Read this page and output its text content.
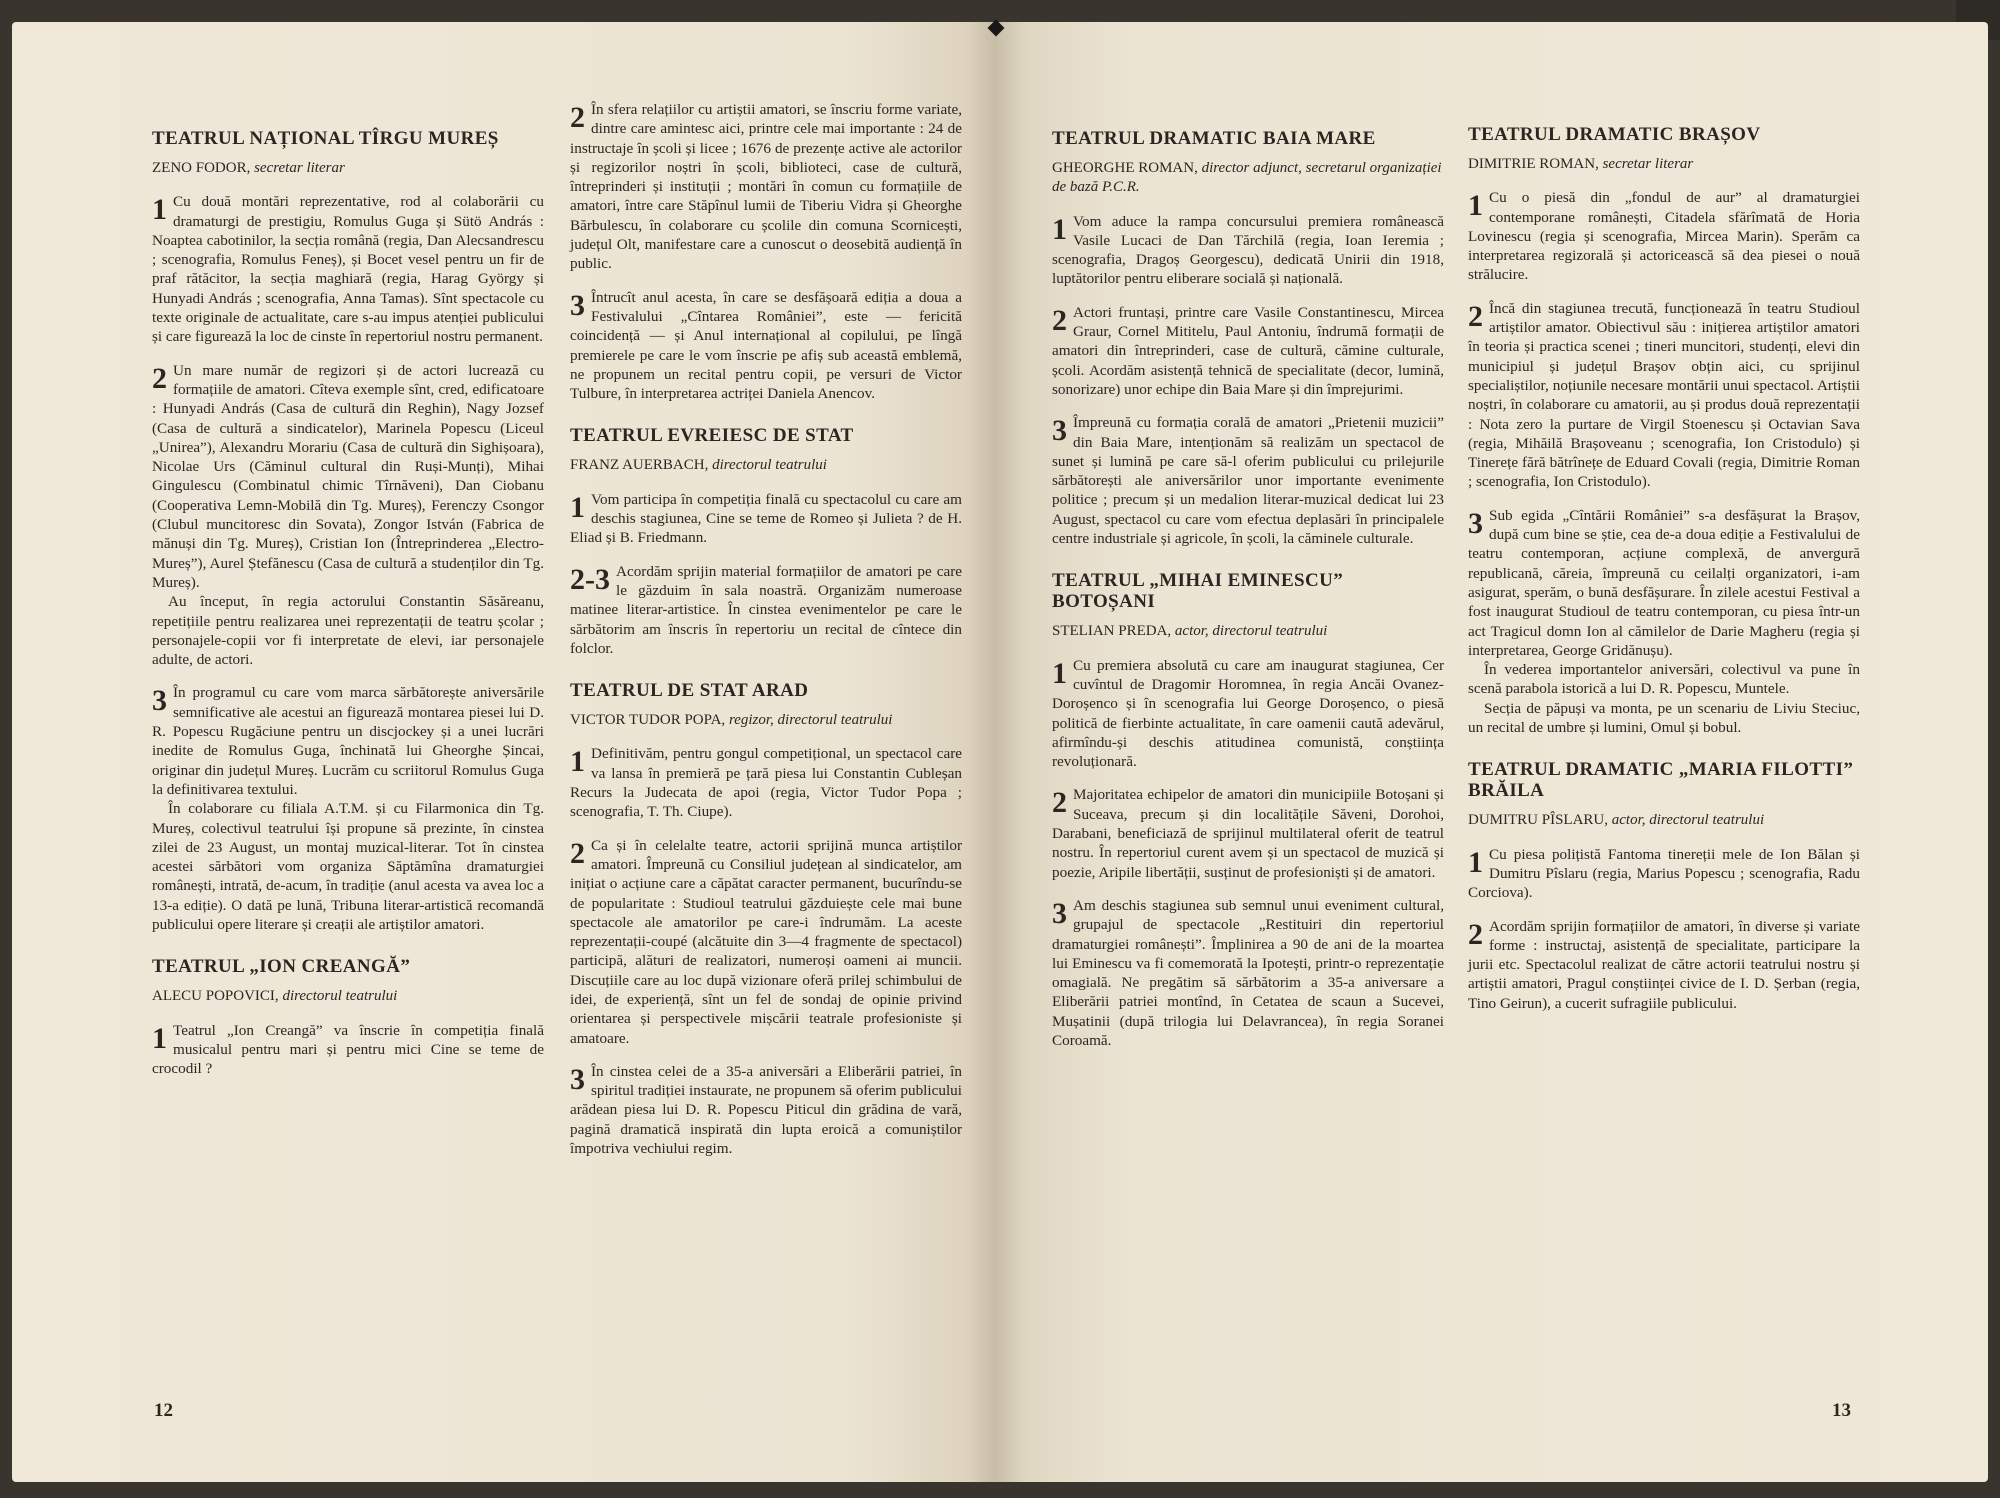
TEATRUL NAȚIONAL TÎRGU MUREȘ
ZENO FODOR, secretar literar
1 Cu două montări reprezentative, rod al colaborării cu dramaturgi de prestigiu, Romulus Guga și Sütö András : Noaptea cabotinilor, la secția română (regia, Dan Alecsandrescu ; scenografia, Romulus Feneș), și Bocet vesel pentru un fir de praf rătăcitor, la secția maghiară (regia, Harag György și Hunyadi András ; scenografia, Anna Tamas). Sînt spectacole cu texte originale de actualitate, care s-au impus atenției publicului și care figurează la loc de cinste în repertoriul nostru permanent.

2 Un mare număr de regizori și de actori lucrează cu formațiile de amatori. Cîteva exemple sînt, cred, edificatoare : Hunyadi András (Casa de cultură din Reghin), Nagy Jozsef (Casa de cultură a sindicatelor), Marinela Popescu (Liceul „Unirea”), Alexandru Morariu (Casa de cultură din Sighișoara), Nicolae Urs (Căminul cultural din Ruși-Munți), Mihai Gingulescu (Combinatul chimic Tîrnăveni), Dan Ciobanu (Cooperativa Lemn-Mobilă din Tg. Mureș), Ferenczy Csongor (Clubul muncitoresc din Sovata), Zongor István (Fabrica de mănuși din Tg. Mureș), Cristian Ion (Întreprinderea „Electro-Mureș”), Aurel Ștefănescu (Casa de cultură a studenților din Tg. Mureș).

Au început, în regia actorului Constantin Săsăreanu, repetițiile pentru realizarea unei reprezentații de teatru școlar ; personajele-copii vor fi interpretate de elevi, iar personajele adulte, de actori.

3 În programul cu care vom marca sărbătorește aniversările semnificative ale acestui an figurează montarea piesei lui D. R. Popescu Rugăciune pentru un discjockey și a unei lucrări inedite de Romulus Guga, închinată lui Gheorghe Șincai, originar din județul Mureș. Lucrăm cu scriitorul Romulus Guga la definitivarea textului.

În colaborare cu filiala A.T.M. și cu Filarmonica din Tg. Mureș, colectivul teatrului își propune să prezinte, în cinstea zilei de 23 August, un montaj muzical-literar. Tot în cinstea acestei sărbători vom organiza Săptămîna dramaturgiei românești, intrată, de-acum, în tradiție (anul acesta va avea loc a 13-a ediție). O dată pe lună, Tribuna literar-artistică recomandă publicului opere literare și creații ale artiștilor amatori.

TEATRUL „ION CREANGĂ”
ALECU POPOVICI, directorul teatrului
1 Teatrul „Ion Creangă” va înscrie în competiția finală musicalul pentru mari și pentru mici Cine se teme de crocodil ?

2 În sfera relațiilor cu artiștii amatori, se înscriu forme variate, dintre care amintesc aici, printre cele mai importante : 24 de instructaje în școli și licee ; 1676 de prezențe active ale actorilor și regizorilor noștri în școli, biblioteci, case de cultură, întreprinderi și instituții ; montări în comun cu formațiile de amatori, între care Stăpînul lumii de Tiberiu Vidra și Gheorghe Bărbulescu, în colaborare cu școlile din comuna Scornicești, județul Olt, manifestare care a cunoscut o deosebită audiență în public.

3 Întrucît anul acesta, în care se desfășoară ediția a doua a Festivalului „Cîntarea României”, este — fericită coincidență — și Anul internațional al copilului, pe lîngă premierele pe care le vom înscrie pe afiș sub această emblemă, ne propunem un recital pentru copii, pe versuri de Victor Tulbure, în interpretarea actriței Daniela Anencov.

TEATRUL EVREIESC DE STAT
FRANZ AUERBACH, directorul teatrului
1 Vom participa în competiția finală cu spectacolul cu care am deschis stagiunea, Cine se teme de Romeo și Julieta ? de H. Eliad și B. Friedmann.

2-3 Acordăm sprijin material formațiilor de amatori pe care le găzduim în sala noastră. Organizăm numeroase matinee literar-artistice. În cinstea evenimentelor pe care le sărbătorim am înscris în repertoriu un recital de cîntece din folclor.

TEATRUL DE STAT ARAD
VICTOR TUDOR POPA, regizor, directorul teatrului
1 Definitivăm, pentru gongul competițional, un spectacol care va lansa în premieră pe țară piesa lui Constantin Cubleșan Recurs la Judecata de apoi (regia, Victor Tudor Popa ; scenografia, T. Th. Ciupe).

2 Ca și în celelalte teatre, actorii sprijină munca artiștilor amatori. Împreună cu Consiliul județean al sindicatelor, am inițiat o acțiune care a căpătat caracter permanent, bucurîndu-se de popularitate : Studioul teatrului găzduiește cele mai bune spectacole ale amatorilor pe care-i îndrumăm. La aceste reprezentații-coupé (alcătuite din 3—4 fragmente de spectacol) participă, alături de realizatori, numeroși oameni ai muncii. Discuțiile care au loc după vizionare oferă prilej schimbului de idei, de experiență, sînt un fel de sondaj de opinie privind orientarea și perspectivele mișcării teatrale profesioniste și amatoare.

3 În cinstea celei de a 35-a aniversări a Eliberării patriei, în spiritul tradiției instaurate, ne propunem să oferim publicului arădean piesa lui D. R. Popescu Piticul din grădina de vară, pagină dramatică inspirată din lupta eroică a comuniștilor împotriva vechiului regim.

12
TEATRUL DRAMATIC BAIA MARE
GHEORGHE ROMAN, director adjunct, secretarul organizației de bază P.C.R.
1 Vom aduce la rampa concursului premiera românească Vasile Lucaci de Dan Tărchilă (regia, Ioan Ieremia ; scenografia, Dragoș Georgescu), dedicată Unirii din 1918, luptătorilor pentru eliberare socială și națională.

2 Actori fruntași, printre care Vasile Constantinescu, Mircea Graur, Cornel Mititelu, Paul Antoniu, îndrumă formații de amatori din întreprinderi, case de cultură, cămine culturale, școli. Acordăm asistență tehnică de specialitate (decor, lumină, sonorizare) unor echipe din Baia Mare și din împrejurimi.

3 Împreună cu formația corală de amatori „Prietenii muzicii” din Baia Mare, intenționăm să realizăm un spectacol de sunet și lumină pe care să-l oferim publicului cu prilejurile sărbătorești ale aniversărilor unor importante evenimente politice ; precum și un medalion literar-muzical dedicat lui 23 August, spectacol cu care vom efectua deplasări în principalele centre industriale și agricole, în școli, la căminele culturale.

TEATRUL „MIHAI EMINESCU” BOTOȘANI
STELIAN PREDA, actor, directorul teatrului
1 Cu premiera absolută cu care am inaugurat stagiunea, Cer cuvîntul de Dragomir Horomnea, în regia Ancăi Ovanez-Doroșenco și în scenografia lui George Doroșenco, o piesă politică de fierbinte actualitate, în care oamenii caută adevărul, afirmîndu-și deschis atitudinea comunistă, conștiința revoluționară.

2 Majoritatea echipelor de amatori din municipiile Botoșani și Suceava, precum și din localitățile Săveni, Dorohoi, Darabani, beneficiază de sprijinul multilateral oferit de teatrul nostru. În repertoriul curent avem și un spectacol de muzică și poezie, Aripile libertății, susținut de profesioniști și de amatori.

3 Am deschis stagiunea sub semnul unui eveniment cultural, grupajul de spectacole „Restituiri din repertoriul dramaturgiei românești”. Împlinirea a 90 de ani de la moartea lui Eminescu va fi comemorată la Ipotești, printr-o reprezentație omagială. Ne pregătim să sărbătorim a 35-a aniversare a Eliberării patriei montînd, în Cetatea de scaun a Sucevei, Mușatinii (după trilogia lui Delavrancea), în regia Soranei Coroamă.

TEATRUL DRAMATIC BRAȘOV
DIMITRIE ROMAN, secretar literar
1 Cu o piesă din „fondul de aur” al dramaturgiei contemporane românești, Citadela sfărîmată de Horia Lovinescu (regia și scenografia, Mircea Marin). Sperăm ca interpretarea regizorală și actoricească să dea piesei o nouă strălucire.

2 Încă din stagiunea trecută, funcționează în teatru Studioul artiștilor amator. Obiectivul său : inițierea artiștilor amatori în teoria și practica scenei ; tineri muncitori, studenți, elevi din municipiul și județul Brașov obțin aici, cu sprijinul specialiștilor, noțiunile necesare montării unui spectacol. Artiștii noștri, în colaborare cu amatorii, au și produs două reprezentații : Nota zero la purtare de Virgil Stoenescu și Octavian Sava (regia, Mihăilă Brașoveanu ; scenografia, Ion Cristodulo) și Tinerețe fără bătrînețe de Eduard Covali (regia, Dimitrie Roman ; scenografia, Ion Cristodulo).

3 Sub egida „Cîntării României” s-a desfășurat la Brașov, după cum bine se știe, cea de-a doua ediție a Festivalului de teatru contemporan, acțiune complexă, de anvergură republicană, căreia, împreună cu ceilalți organizatori, i-am asigurat, sperăm, o bună desfășurare. În zilele acestui Festival a fost inaugurat Studioul de teatru contemporan, cu piesa într-un act Tragicul domn Ion al cămilelor de Darie Magheru (regia și interpretarea, George Gridănușu).

În vederea importantelor aniversări, colectivul va pune în scenă parabola istorică a lui D. R. Popescu, Muntele.

Secția de păpuși va monta, pe un scenariu de Liviu Steciuc, un recital de umbre și lumini, Omul și bobul.

TEATRUL DRAMATIC „MARIA FILOTTI” BRĂILA
DUMITRU PÎSLARU, actor, directorul teatrului
1 Cu piesa polițistă Fantoma tinereții mele de Ion Bălan și Dumitru Pîslaru (regia, Marius Popescu ; scenografia, Radu Corciova).

2 Acordăm sprijin formațiilor de amatori, în diverse și variate forme : instructaj, asistență de specialitate, participare la jurii etc. Spectacolul realizat de către actorii teatrului nostru și artiștii amatori, Pragul conștiinței civice de I. D. Șerban (regia, Tino Geirun), a cucerit sufragiile publicului.

13
